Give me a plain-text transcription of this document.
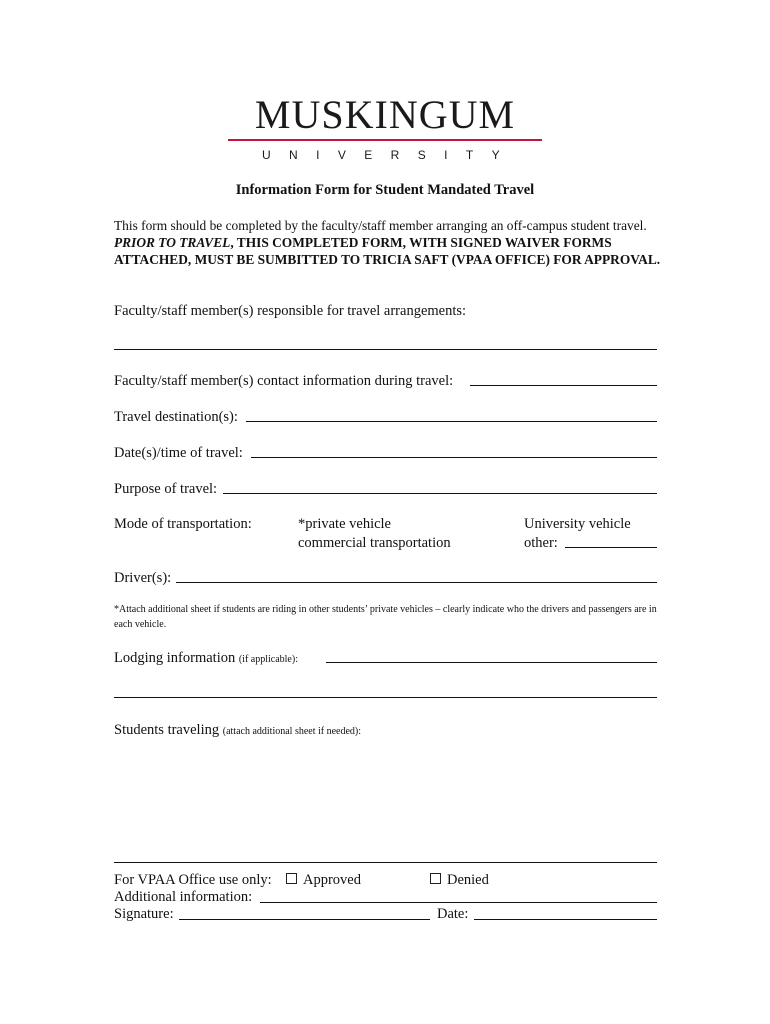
MUSKINGUM
UNIVERSITY
Information Form for Student Mandated Travel
This form should be completed by the faculty/staff member arranging an off-campus student travel. PRIOR TO TRAVEL, THIS COMPLETED FORM, WITH SIGNED WAIVER FORMS ATTACHED, MUST BE SUMBITTED TO TRICIA SAFT (VPAA OFFICE) FOR APPROVAL.
Faculty/staff member(s) responsible for travel arrangements:
Faculty/staff member(s) contact information during travel:
Travel destination(s):
Date(s)/time of travel:
Purpose of travel:
Mode of transportation:	*private vehicle
commercial transportation
University vehicle
other:
Driver(s):
*Attach additional sheet if students are riding in other students’ private vehicles – clearly indicate who the drivers and passengers are in each vehicle.
Lodging information (if applicable):
Students traveling (attach additional sheet if needed):
For VPAA Office use only:	Approved	Denied
Additional information:
Signature:	Date:
